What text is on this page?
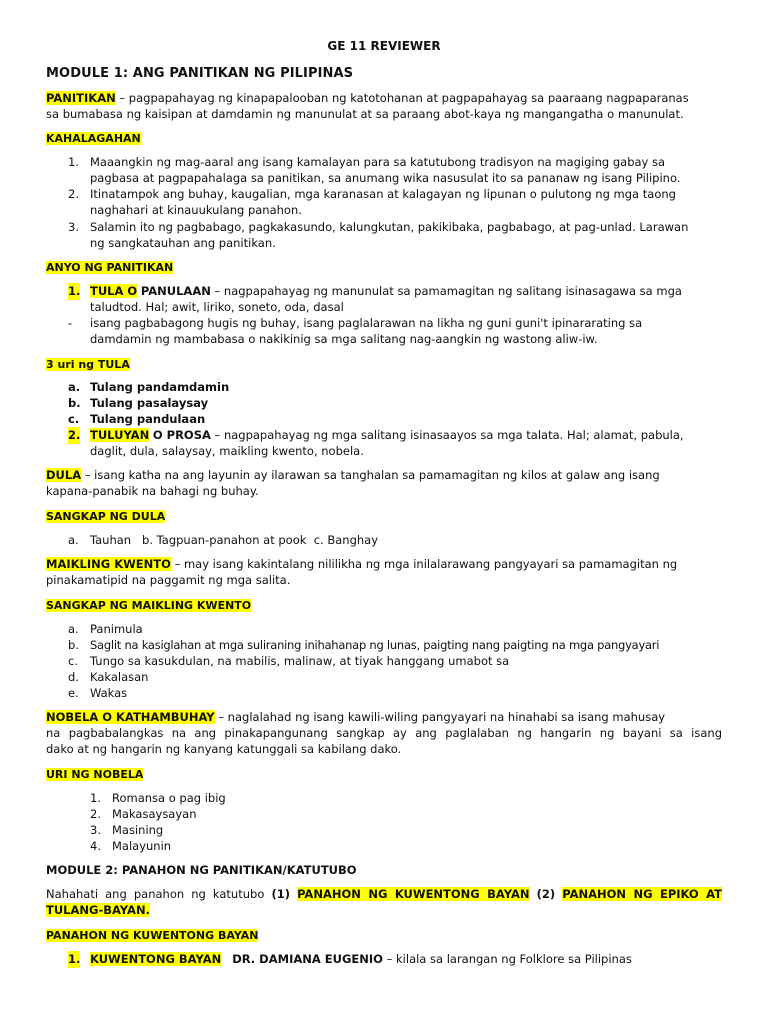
GE 11 REVIEWER
MODULE 1: ANG PANITIKAN NG PILIPINAS
PANITIKAN – pagpapahayag ng kinapapalooban ng katotohanan at pagpapahayag sa paaraang nagpaparanas
sa bumabasa ng kaisipan at damdamin ng manunulat at sa paraang abot-kaya ng mangangatha o manunulat.
KAHALAGAHAN
1. Maaangkin ng mag-aaral ang isang kamalayan para sa katutubong tradisyon na magiging gabay sa
pagbasa at pagpapahalaga sa panitikan, sa anumang wika nasusulat ito sa pananaw ng isang Pilipino.
2. Itinatampok ang buhay, kaugalian, mga karanasan at kalagayan ng lipunan o pulutong ng mga taong
naghahari at kinauukulang panahon.
3. Salamin ito ng pagbabago, pagkakasundo, kalungkutan, pakikibaka, pagbabago, at pag-unlad. Larawan
ng sangkatauhan ang panitikan.
ANYO NG PANITIKAN
1. TULA O PANULAAN – nagpapahayag ng manunulat sa pamamagitan ng salitang isinasagawa sa mga
taludtod. Hal; awit, liriko, soneto, oda, dasal
- isang pagbabagong hugis ng buhay, isang paglalarawan na likha ng guni guni't ipinararating sa
damdamin ng mambabasa o nakikinig sa mga salitang nag-aangkin ng wastong aliw-iw.
3 uri ng TULA
a. Tulang pandamdamin
b. Tulang pasalaysay
c. Tulang pandulaan
2. TULUYAN O PROSA – nagpapahayag ng mga salitang isinasaayos sa mga talata. Hal; alamat, pabula,
daglit, dula, salaysay, maikling kwento, nobela.
DULA – isang katha na ang layunin ay ilarawan sa tanghalan sa pamamagitan ng kilos at galaw ang isang
kapana-panabik na bahagi ng buhay.
SANGKAP NG DULA
a. Tauhan   b. Tagpuan-panahon at pook  c. Banghay
MAIKLING KWENTO – may isang kakintalang nililikha ng mga inilalarawang pangyayari sa pamamagitan ng
pinakamatipid na paggamit ng mga salita.
SANGKAP NG MAIKLING KWENTO
a. Panimula
b. Saglit na kasiglahan at mga suliraning inihahanap ng lunas, paigting nang paigting na mga pangyayari
c. Tungo sa kasukdulan, na mabilis, malinaw, at tiyak hanggang umabot sa
d. Kakalasan
e. Wakas
NOBELA O KATHAMBUHAY – naglalahad ng isang kawili-wiling pangyayari na hinahabi sa isang mahusay
na pagbabalangkas na ang pinakapangunang sangkap ay ang paglalaban ng hangarin ng bayani sa isang
dako at ng hangarin ng kanyang katunggali sa kabilang dako.
URI NG NOBELA
1. Romansa o pag ibig
2. Makasaysayan
3. Masining
4. Malayunin
MODULE 2: PANAHON NG PANITIKAN/KATUTUBO
Nahahati ang panahon ng katutubo (1) PANAHON NG KUWENTONG BAYAN (2) PANAHON NG EPIKO AT
TULANG-BAYAN.
PANAHON NG KUWENTONG BAYAN
1. KUWENTONG BAYAN DR. DAMIANA EUGENIO – kilala sa larangan ng Folklore sa Pilipinas
